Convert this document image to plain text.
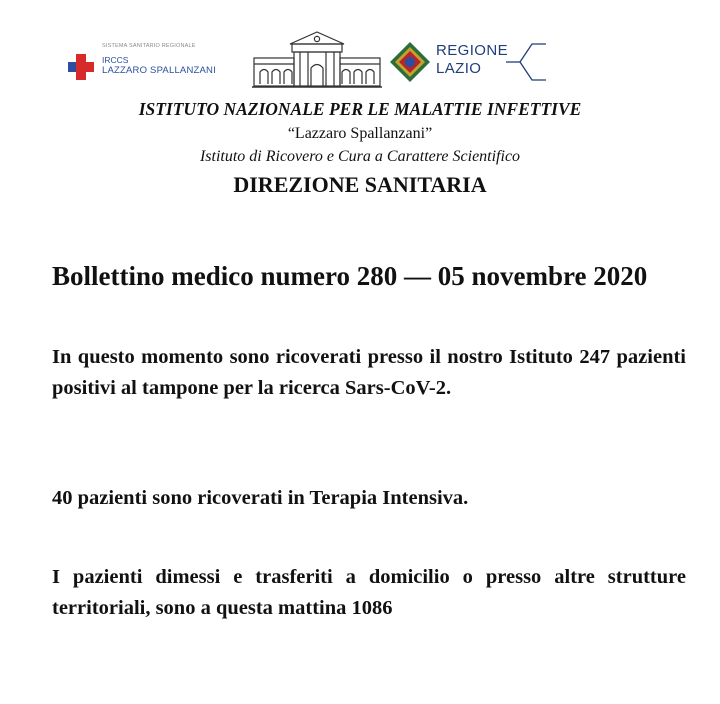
SISTEMA SANITARIO REGIONALE
IRCCS
LAZZARO SPALLANZANI
REGIONE
LAZIO
ISTITUTO NAZIONALE PER LE MALATTIE INFETTIVE
“Lazzaro Spallanzani”
Istituto di Ricovero e Cura a Carattere Scientifico
DIREZIONE SANITARIA
Bollettino medico numero 280 — 05 novembre 2020
In questo momento sono ricoverati presso il nostro Istituto 247 pazienti positivi al tampone per la ricerca Sars-CoV-2.
40 pazienti sono ricoverati in Terapia Intensiva.
I pazienti dimessi e trasferiti a domicilio o presso altre strutture territoriali, sono a questa mattina 1086
